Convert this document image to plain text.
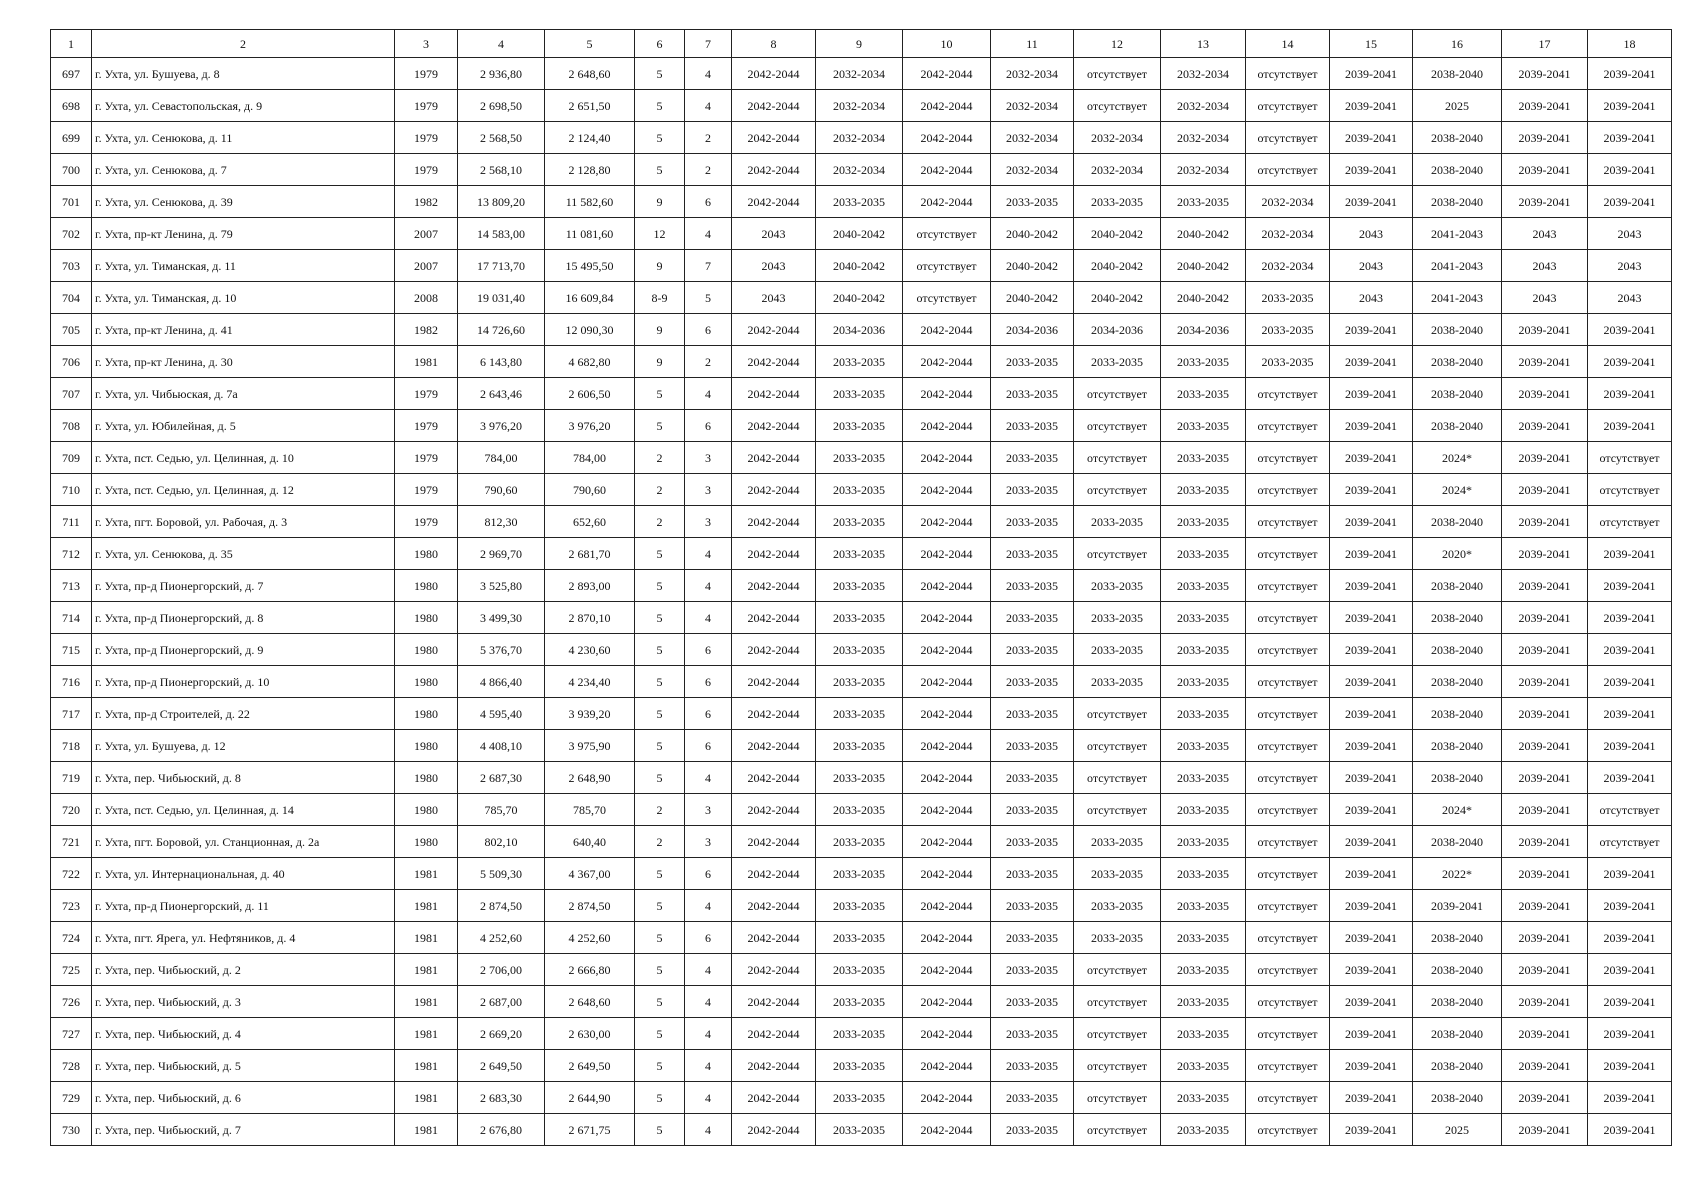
1	2	3	4	5	6	7	8	9	10	11	12	13	14	15	16	17	18
697	г. Ухта, ул. Бушуева, д. 8	1979	2 936,80	2 648,60	5	4	2042-2044	2032-2034	2042-2044	2032-2034	отсутствует	2032-2034	отсутствует	2039-2041	2038-2040	2039-2041	2039-2041
698	г. Ухта, ул. Севастопольская, д. 9	1979	2 698,50	2 651,50	5	4	2042-2044	2032-2034	2042-2044	2032-2034	отсутствует	2032-2034	отсутствует	2039-2041	2025	2039-2041	2039-2041
699	г. Ухта, ул. Сенюкова, д. 11	1979	2 568,50	2 124,40	5	2	2042-2044	2032-2034	2042-2044	2032-2034	2032-2034	2032-2034	отсутствует	2039-2041	2038-2040	2039-2041	2039-2041
700	г. Ухта, ул. Сенюкова, д. 7	1979	2 568,10	2 128,80	5	2	2042-2044	2032-2034	2042-2044	2032-2034	2032-2034	2032-2034	отсутствует	2039-2041	2038-2040	2039-2041	2039-2041
701	г. Ухта, ул. Сенюкова, д. 39	1982	13 809,20	11 582,60	9	6	2042-2044	2033-2035	2042-2044	2033-2035	2033-2035	2033-2035	2032-2034	2039-2041	2038-2040	2039-2041	2039-2041
702	г. Ухта, пр-кт Ленина, д. 79	2007	14 583,00	11 081,60	12	4	2043	2040-2042	отсутствует	2040-2042	2040-2042	2040-2042	2032-2034	2043	2041-2043	2043	2043
703	г. Ухта, ул. Тиманская, д. 11	2007	17 713,70	15 495,50	9	7	2043	2040-2042	отсутствует	2040-2042	2040-2042	2040-2042	2032-2034	2043	2041-2043	2043	2043
704	г. Ухта, ул. Тиманская, д. 10	2008	19 031,40	16 609,84	8-9	5	2043	2040-2042	отсутствует	2040-2042	2040-2042	2040-2042	2033-2035	2043	2041-2043	2043	2043
705	г. Ухта, пр-кт Ленина, д. 41	1982	14 726,60	12 090,30	9	6	2042-2044	2034-2036	2042-2044	2034-2036	2034-2036	2034-2036	2033-2035	2039-2041	2038-2040	2039-2041	2039-2041
706	г. Ухта, пр-кт Ленина, д. 30	1981	6 143,80	4 682,80	9	2	2042-2044	2033-2035	2042-2044	2033-2035	2033-2035	2033-2035	2033-2035	2039-2041	2038-2040	2039-2041	2039-2041
707	г. Ухта, ул. Чибьюская, д. 7а	1979	2 643,46	2 606,50	5	4	2042-2044	2033-2035	2042-2044	2033-2035	отсутствует	2033-2035	отсутствует	2039-2041	2038-2040	2039-2041	2039-2041
708	г. Ухта, ул. Юбилейная, д. 5	1979	3 976,20	3 976,20	5	6	2042-2044	2033-2035	2042-2044	2033-2035	отсутствует	2033-2035	отсутствует	2039-2041	2038-2040	2039-2041	2039-2041
709	г. Ухта, пст. Седью, ул. Целинная, д. 10	1979	784,00	784,00	2	3	2042-2044	2033-2035	2042-2044	2033-2035	отсутствует	2033-2035	отсутствует	2039-2041	2024*	2039-2041	отсутствует
710	г. Ухта, пст. Седью, ул. Целинная, д. 12	1979	790,60	790,60	2	3	2042-2044	2033-2035	2042-2044	2033-2035	отсутствует	2033-2035	отсутствует	2039-2041	2024*	2039-2041	отсутствует
711	г. Ухта, пгт. Боровой, ул. Рабочая, д. 3	1979	812,30	652,60	2	3	2042-2044	2033-2035	2042-2044	2033-2035	2033-2035	2033-2035	отсутствует	2039-2041	2038-2040	2039-2041	отсутствует
712	г. Ухта, ул. Сенюкова, д. 35	1980	2 969,70	2 681,70	5	4	2042-2044	2033-2035	2042-2044	2033-2035	отсутствует	2033-2035	отсутствует	2039-2041	2020*	2039-2041	2039-2041
713	г. Ухта, пр-д Пионергорский, д. 7	1980	3 525,80	2 893,00	5	4	2042-2044	2033-2035	2042-2044	2033-2035	2033-2035	2033-2035	отсутствует	2039-2041	2038-2040	2039-2041	2039-2041
714	г. Ухта, пр-д Пионергорский, д. 8	1980	3 499,30	2 870,10	5	4	2042-2044	2033-2035	2042-2044	2033-2035	2033-2035	2033-2035	отсутствует	2039-2041	2038-2040	2039-2041	2039-2041
715	г. Ухта, пр-д Пионергорский, д. 9	1980	5 376,70	4 230,60	5	6	2042-2044	2033-2035	2042-2044	2033-2035	2033-2035	2033-2035	отсутствует	2039-2041	2038-2040	2039-2041	2039-2041
716	г. Ухта, пр-д Пионергорский, д. 10	1980	4 866,40	4 234,40	5	6	2042-2044	2033-2035	2042-2044	2033-2035	2033-2035	2033-2035	отсутствует	2039-2041	2038-2040	2039-2041	2039-2041
717	г. Ухта, пр-д Строителей, д. 22	1980	4 595,40	3 939,20	5	6	2042-2044	2033-2035	2042-2044	2033-2035	отсутствует	2033-2035	отсутствует	2039-2041	2038-2040	2039-2041	2039-2041
718	г. Ухта, ул. Бушуева, д. 12	1980	4 408,10	3 975,90	5	6	2042-2044	2033-2035	2042-2044	2033-2035	отсутствует	2033-2035	отсутствует	2039-2041	2038-2040	2039-2041	2039-2041
719	г. Ухта, пер. Чибьюский, д. 8	1980	2 687,30	2 648,90	5	4	2042-2044	2033-2035	2042-2044	2033-2035	отсутствует	2033-2035	отсутствует	2039-2041	2038-2040	2039-2041	2039-2041
720	г. Ухта, пст. Седью, ул. Целинная, д. 14	1980	785,70	785,70	2	3	2042-2044	2033-2035	2042-2044	2033-2035	отсутствует	2033-2035	отсутствует	2039-2041	2024*	2039-2041	отсутствует
721	г. Ухта, пгт. Боровой, ул. Станционная, д. 2а	1980	802,10	640,40	2	3	2042-2044	2033-2035	2042-2044	2033-2035	2033-2035	2033-2035	отсутствует	2039-2041	2038-2040	2039-2041	отсутствует
722	г. Ухта, ул. Интернациональная, д. 40	1981	5 509,30	4 367,00	5	6	2042-2044	2033-2035	2042-2044	2033-2035	2033-2035	2033-2035	отсутствует	2039-2041	2022*	2039-2041	2039-2041
723	г. Ухта, пр-д Пионергорский, д. 11	1981	2 874,50	2 874,50	5	4	2042-2044	2033-2035	2042-2044	2033-2035	2033-2035	2033-2035	отсутствует	2039-2041	2039-2041	2039-2041	2039-2041
724	г. Ухта, пгт. Ярега, ул. Нефтяников, д. 4	1981	4 252,60	4 252,60	5	6	2042-2044	2033-2035	2042-2044	2033-2035	2033-2035	2033-2035	отсутствует	2039-2041	2038-2040	2039-2041	2039-2041
725	г. Ухта, пер. Чибьюский, д. 2	1981	2 706,00	2 666,80	5	4	2042-2044	2033-2035	2042-2044	2033-2035	отсутствует	2033-2035	отсутствует	2039-2041	2038-2040	2039-2041	2039-2041
726	г. Ухта, пер. Чибьюский, д. 3	1981	2 687,00	2 648,60	5	4	2042-2044	2033-2035	2042-2044	2033-2035	отсутствует	2033-2035	отсутствует	2039-2041	2038-2040	2039-2041	2039-2041
727	г. Ухта, пер. Чибьюский, д. 4	1981	2 669,20	2 630,00	5	4	2042-2044	2033-2035	2042-2044	2033-2035	отсутствует	2033-2035	отсутствует	2039-2041	2038-2040	2039-2041	2039-2041
728	г. Ухта, пер. Чибьюский, д. 5	1981	2 649,50	2 649,50	5	4	2042-2044	2033-2035	2042-2044	2033-2035	отсутствует	2033-2035	отсутствует	2039-2041	2038-2040	2039-2041	2039-2041
729	г. Ухта, пер. Чибьюский, д. 6	1981	2 683,30	2 644,90	5	4	2042-2044	2033-2035	2042-2044	2033-2035	отсутствует	2033-2035	отсутствует	2039-2041	2038-2040	2039-2041	2039-2041
730	г. Ухта, пер. Чибьюский, д. 7	1981	2 676,80	2 671,75	5	4	2042-2044	2033-2035	2042-2044	2033-2035	отсутствует	2033-2035	отсутствует	2039-2041	2025	2039-2041	2039-2041
